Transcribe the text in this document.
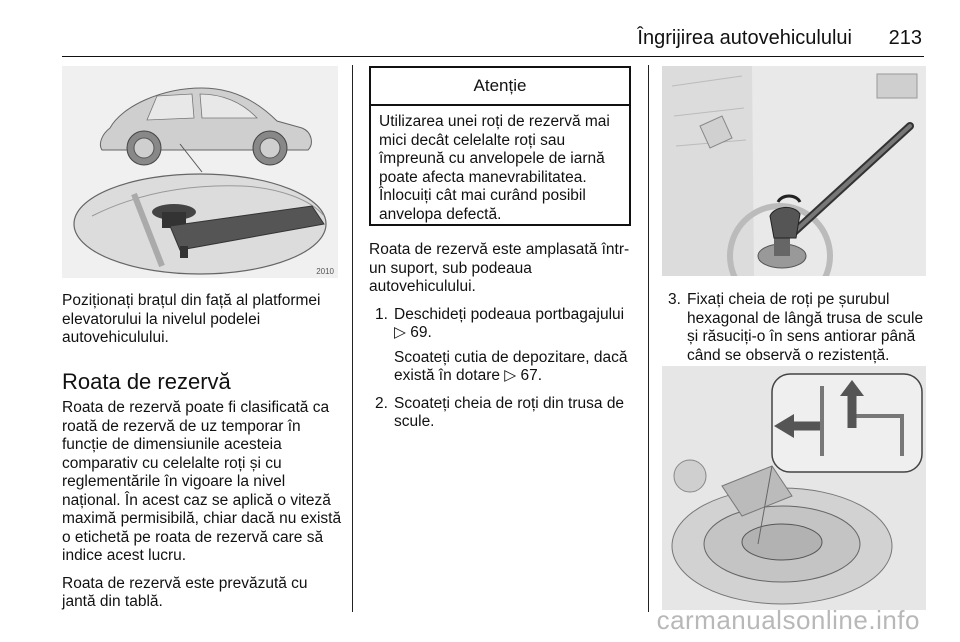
Îngrijirea autovehiculului 213
2010

Poziționați brațul din față al platformei elevatorului la nivelul podelei autovehiculului.

Roata de rezervă

Roata de rezervă poate fi clasificată ca roată de rezervă de uz temporar în funcție de dimensiunile acesteia comparativ cu celelalte roți și cu reglementările în vigoare la nivel național. În acest caz se aplică o viteză maximă permisibilă, chiar dacă nu există o etichetă pe roata de rezervă care să indice acest lucru.

Roata de rezervă este prevăzută cu jantă din tablă.

Atenție
Utilizarea unei roți de rezervă mai mici decât celelalte roți sau împreună cu anvelopele de iarnă poate afecta manevrabilitatea. Înlocuiți cât mai curând posibil anvelopa defectă.

Roata de rezervă este amplasată într-un suport, sub podeaua autovehiculului.

1. Deschideți podeaua portbagajului
▷ 69.
Scoateți cutia de depozitare, dacă există în dotare ▷ 67.
2. Scoateți cheia de roți din trusa de scule.
3. Fixați cheia de roți pe șurubul hexagonal de lângă trusa de scule și răsuciți-o în sens antiorar până când se observă o rezistență.
carmanualsonline.info
